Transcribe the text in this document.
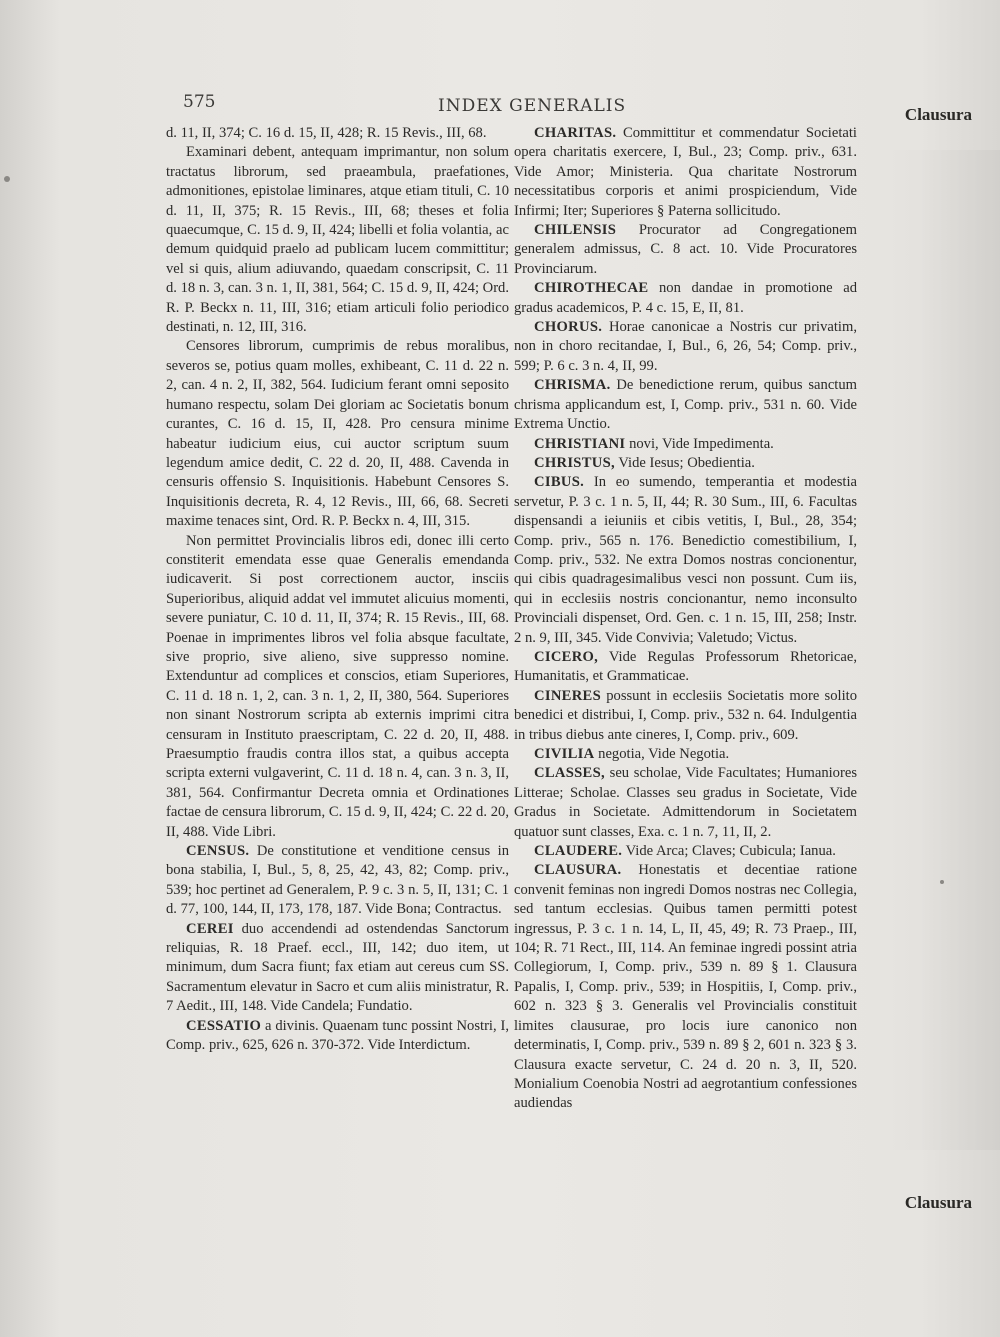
575	INDEX GENERALIS	Clausura

d. 11, II, 374; C. 16 d. 15, II, 428; R. 15 Revis., III, 68.

Examinari debent, antequam imprimantur, non solum tractatus librorum, sed praeambula, praefationes, admonitiones, epistolae liminares, atque etiam tituli, C. 10 d. 11, II, 375; R. 15 Revis., III, 68; theses et folia quaecumque, C. 15 d. 9, II, 424; libelli et folia volantia, ac demum quidquid praelo ad publicam lucem committitur; vel si quis, alium adiuvando, quaedam conscripsit, C. 11 d. 18 n. 3, can. 3 n. 1, II, 381, 564; C. 15 d. 9, II, 424; Ord. R. P. Beckx n. 11, III, 316; etiam articuli folio periodico destinati, n. 12, III, 316.

Censores librorum, cumprimis de rebus moralibus, severos se, potius quam molles, exhibeant, C. 11 d. 22 n. 2, can. 4 n. 2, II, 382, 564. Iudicium ferant omni seposito humano respectu, solam Dei gloriam ac Societatis bonum curantes, C. 16 d. 15, II, 428. Pro censura minime habeatur iudicium eius, cui auctor scriptum suum legendum amice dedit, C. 22 d. 20, II, 488. Cavenda in censuris offensio S. Inquisitionis. Habebunt Censores S. Inquisitionis decreta, R. 4, 12 Revis., III, 66, 68. Secreti maxime tenaces sint, Ord. R. P. Beckx n. 4, III, 315.

Non permittet Provincialis libros edi, donec illi certo constiterit emendata esse quae Generalis emendanda iudicaverit. Si post correctionem auctor, insciis Superioribus, aliquid addat vel immutet alicuius momenti, severe puniatur, C. 10 d. 11, II, 374; R. 15 Revis., III, 68. Poenae in imprimentes libros vel folia absque facultate, sive proprio, sive alieno, sive suppresso nomine. Extenduntur ad complices et conscios, etiam Superiores, C. 11 d. 18 n. 1, 2, can. 3 n. 1, 2, II, 380, 564. Superiores non sinant Nostrorum scripta ab externis imprimi citra censuram in Instituto praescriptam, C. 22 d. 20, II, 488. Praesumptio fraudis contra illos stat, a quibus accepta scripta externi vulgaverint, C. 11 d. 18 n. 4, can. 3 n. 3, II, 381, 564. Confirmantur Decreta omnia et Ordinationes factae de censura librorum, C. 15 d. 9, II, 424; C. 22 d. 20, II, 488. Vide Libri.

CENSUS. De constitutione et venditione census in bona stabilia, I, Bul., 5, 8, 25, 42, 43, 82; Comp. priv., 539; hoc pertinet ad Generalem, P. 9 c. 3 n. 5, II, 131; C. 1 d. 77, 100, 144, II, 173, 178, 187. Vide Bona; Contractus.

CEREI duo accendendi ad ostendendas Sanctorum reliquias, R. 18 Praef. eccl., III, 142; duo item, ut minimum, dum Sacra fiunt; fax etiam aut cereus cum SS. Sacramentum elevatur in Sacro et cum aliis ministratur, R. 7 Aedit., III, 148. Vide Candela; Fundatio.

CESSATIO a divinis. Quaenam tunc possint Nostri, I, Comp. priv., 625, 626 n. 370-372. Vide Interdictum.

CHARITAS. Committitur et commendatur Societati opera charitatis exercere, I, Bul., 23; Comp. priv., 631. Vide Amor; Ministeria. Qua charitate Nostrorum necessitatibus corporis et animi prospiciendum, Vide Infirmi; Iter; Superiores § Paterna sollicitudo.

CHILENSIS Procurator ad Congregationem generalem admissus, C. 8 act. 10. Vide Procuratores Provinciarum.

CHIROTHECAE non dandae in promotione ad gradus academicos, P. 4 c. 15, E, II, 81.

CHORUS. Horae canonicae a Nostris cur privatim, non in choro recitandae, I, Bul., 6, 26, 54; Comp. priv., 599; P. 6 c. 3 n. 4, II, 99.

CHRISMA. De benedictione rerum, quibus sanctum chrisma applicandum est, I, Comp. priv., 531 n. 60. Vide Extrema Unctio.

CHRISTIANI novi, Vide Impedimenta.

CHRISTUS, Vide Iesus; Obedientia.

CIBUS. In eo sumendo, temperantia et modestia servetur, P. 3 c. 1 n. 5, II, 44; R. 30 Sum., III, 6. Facultas dispensandi a ieiuniis et cibis vetitis, I, Bul., 28, 354; Comp. priv., 565 n. 176. Benedictio comestibilium, I, Comp. priv., 532. Ne extra Domos nostras concionentur, qui cibis quadragesimalibus vesci non possunt. Cum iis, qui in ecclesiis nostris concionantur, nemo inconsulto Provinciali dispenset, Ord. Gen. c. 1 n. 15, III, 258; Instr. 2 n. 9, III, 345. Vide Convivia; Valetudo; Victus.

CICERO, Vide Regulas Professorum Rhetoricae, Humanitatis, et Grammaticae.

CINERES possunt in ecclesiis Societatis more solito benedici et distribui, I, Comp. priv., 532 n. 64. Indulgentia in tribus diebus ante cineres, I, Comp. priv., 609.

CIVILIA negotia, Vide Negotia.

CLASSES, seu scholae, Vide Facultates; Humaniores Litterae; Scholae. Classes seu gradus in Societate, Vide Gradus in Societate. Admittendorum in Societatem quatuor sunt classes, Exa. c. 1 n. 7, 11, II, 2.

CLAUDERE. Vide Arca; Claves; Cubicula; Ianua.

CLAUSURA. Honestatis et decentiae ratione convenit feminas non ingredi Domos nostras nec Collegia, sed tantum ecclesias. Quibus tamen permitti potest ingressus, P. 3 c. 1 n. 14, L, II, 45, 49; R. 73 Praep., III, 104; R. 71 Rect., III, 114. An feminae ingredi possint atria Collegiorum, I, Comp. priv., 539 n. 89 § 1. Clausura Papalis, I, Comp. priv., 539; in Hospitiis, I, Comp. priv., 602 n. 323 § 3. Generalis vel Provincialis constituit limites clausurae, pro locis iure canonico non determinatis, I, Comp. priv., 539 n. 89 § 2, 601 n. 323 § 3. Clausura exacte servetur, C. 24 d. 20 n. 3, II, 520. Monialium Coenobia Nostri ad aegrotantium confessiones audiendas

Clausura
